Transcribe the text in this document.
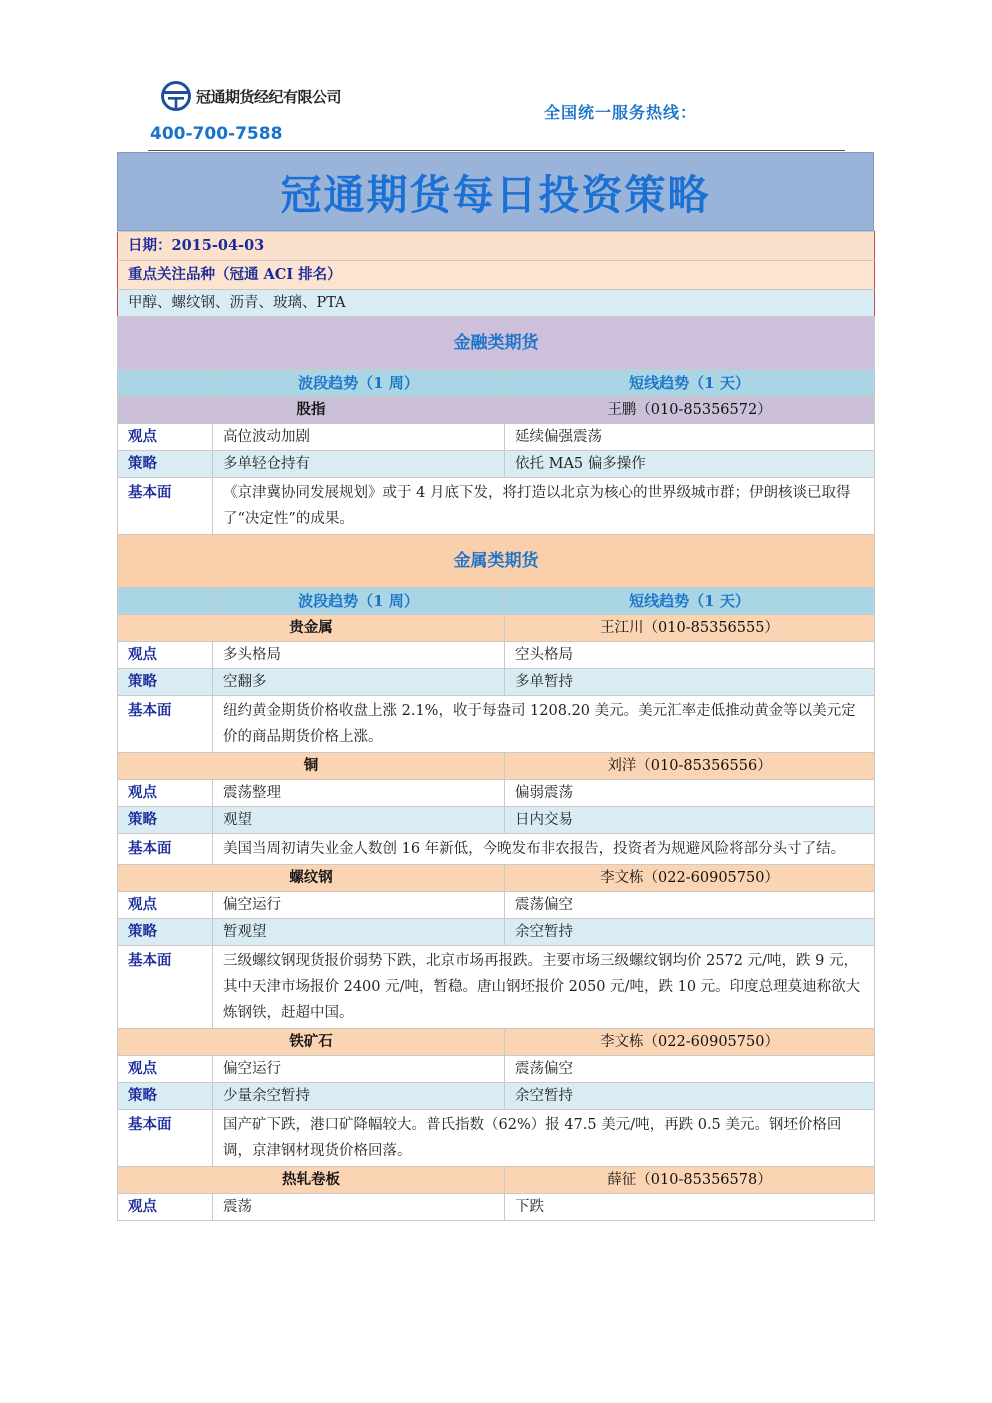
冠通期货经纪有限公司
全国统一服务热线：
400-700-7588
冠通期货每日投资策略
日期：2015-04-03		
重点关注品种（冠通 ACI 排名）		
甲醇、螺纹钢、沥青、玻璃、PTA		
金融类期货		
	波段趋势（1 周）	短线趋势（1 天）
股指		王鹏（010-85356572）
观点	高位波动加剧	延续偏强震荡
策略	多单轻仓持有	依托 MA5 偏多操作
基本面	《京津冀协同发展规划》或于 4 月底下发，将打造以北京为核心的世界级城市群；伊朗核谈已取得了“决定性”的成果。	
金属类期货		
	波段趋势（1 周）	短线趋势（1 天）
贵金属		王江川（010-85356555）
观点	多头格局	空头格局
策略	空翻多	多单暂持
基本面	纽约黄金期货价格收盘上涨 2.1%，收于每盎司 1208.20 美元。美元汇率走低推动黄金等以美元定价的商品期货价格上涨。	
铜		刘洋（010-85356556）
观点	震荡整理	偏弱震荡
策略	观望	日内交易
基本面	美国当周初请失业金人数创 16 年新低，今晚发布非农报告，投资者为规避风险将部分头寸了结。	
螺纹钢		李文栋（022-60905750）
观点	偏空运行	震荡偏空
策略	暂观望	余空暂持
基本面	三级螺纹钢现货报价弱势下跌，北京市场再报跌。主要市场三级螺纹钢均价 2572 元/吨，跌 9 元，其中天津市场报价 2400 元/吨，暂稳。唐山钢坯报价 2050 元/吨，跌 10 元。印度总理莫迪称欲大炼钢铁，赶超中国。	
铁矿石		李文栋（022-60905750）
观点	偏空运行	震荡偏空
策略	少量余空暂持	余空暂持
基本面	国产矿下跌，港口矿降幅较大。普氏指数（62%）报 47.5 美元/吨，再跌 0.5 美元。钢坯价格回调，京津钢材现货价格回落。	
热轧卷板		薛征（010-85356578）
观点	震荡	下跌
